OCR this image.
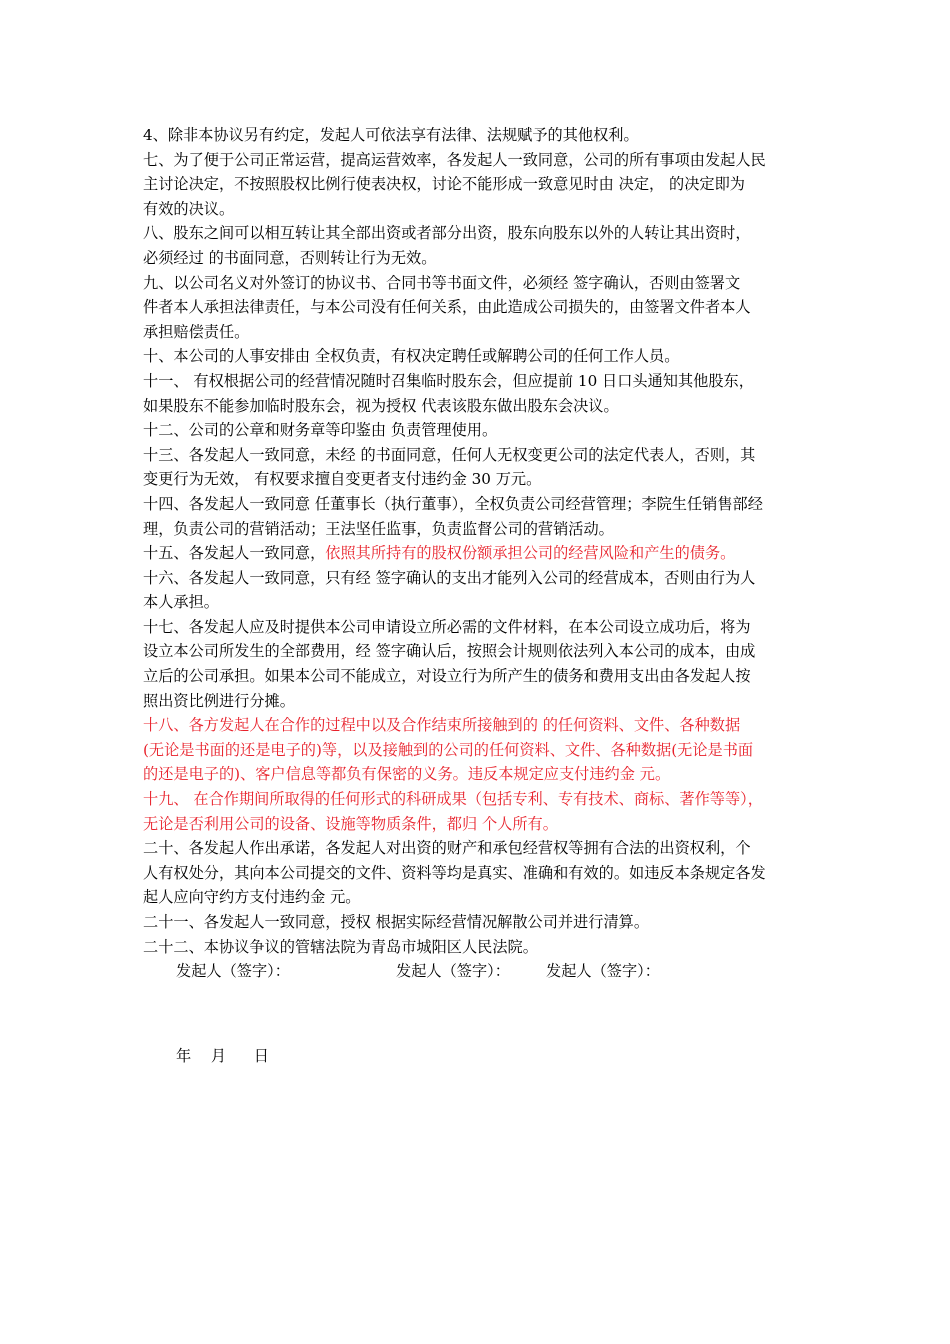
4、除非本协议另有约定，发起人可依法享有法律、法规赋予的其他权利。
七、为了便于公司正常运营，提高运营效率，各发起人一致同意，公司的所有事项由发起人民
主讨论决定，不按照股权比例行使表决权，讨论不能形成一致意见时由 决定， 的决定即为
有效的决议。
八、股东之间可以相互转让其全部出资或者部分出资，股东向股东以外的人转让其出资时，
必须经过 的书面同意，否则转让行为无效。
九、以公司名义对外签订的协议书、合同书等书面文件，必须经 签字确认，否则由签署文
件者本人承担法律责任，与本公司没有任何关系，由此造成公司损失的，由签署文件者本人
承担赔偿责任。
十、本公司的人事安排由 全权负责，有权决定聘任或解聘公司的任何工作人员。
十一、 有权根据公司的经营情况随时召集临时股东会，但应提前 10 日口头通知其他股东，
如果股东不能参加临时股东会，视为授权 代表该股东做出股东会决议。
十二、公司的公章和财务章等印鉴由 负责管理使用。
十三、各发起人一致同意，未经 的书面同意，任何人无权变更公司的法定代表人，否则，其
变更行为无效， 有权要求擅自变更者支付违约金 30 万元。
十四、各发起人一致同意 任董事长（执行董事），全权负责公司经营管理；李院生任销售部经
理，负责公司的营销活动；王法坚任监事，负责监督公司的营销活动。
十五、各发起人一致同意，依照其所持有的股权份额承担公司的经营风险和产生的债务。
十六、各发起人一致同意，只有经 签字确认的支出才能列入公司的经营成本，否则由行为人
本人承担。
十七、各发起人应及时提供本公司申请设立所必需的文件材料，在本公司设立成功后，将为
设立本公司所发生的全部费用，经 签字确认后，按照会计规则依法列入本公司的成本，由成
立后的公司承担。如果本公司不能成立，对设立行为所产生的债务和费用支出由各发起人按
照出资比例进行分摊。
十八、各方发起人在合作的过程中以及合作结束所接触到的 的任何资料、文件、各种数据
(无论是书面的还是电子的)等，以及接触到的公司的任何资料、文件、各种数据(无论是书面
的还是电子的)、客户信息等都负有保密的义务。违反本规定应支付违约金 元。
十九、 在合作期间所取得的任何形式的科研成果（包括专利、专有技术、商标、著作等等），
无论是否利用公司的设备、设施等物质条件，都归 个人所有。
二十、各发起人作出承诺，各发起人对出资的财产和承包经营权等拥有合法的出资权利，个
人有权处分，其向本公司提交的文件、资料等均是真实、准确和有效的。如违反本条规定各发
起人应向守约方支付违约金 元。
二十一、各发起人一致同意，授权 根据实际经营情况解散公司并进行清算。
二十二、本协议争议的管辖法院为青岛市城阳区人民法院。
发起人（签字）：	发起人（签字）： 发起人（签字）：
年 月 日
